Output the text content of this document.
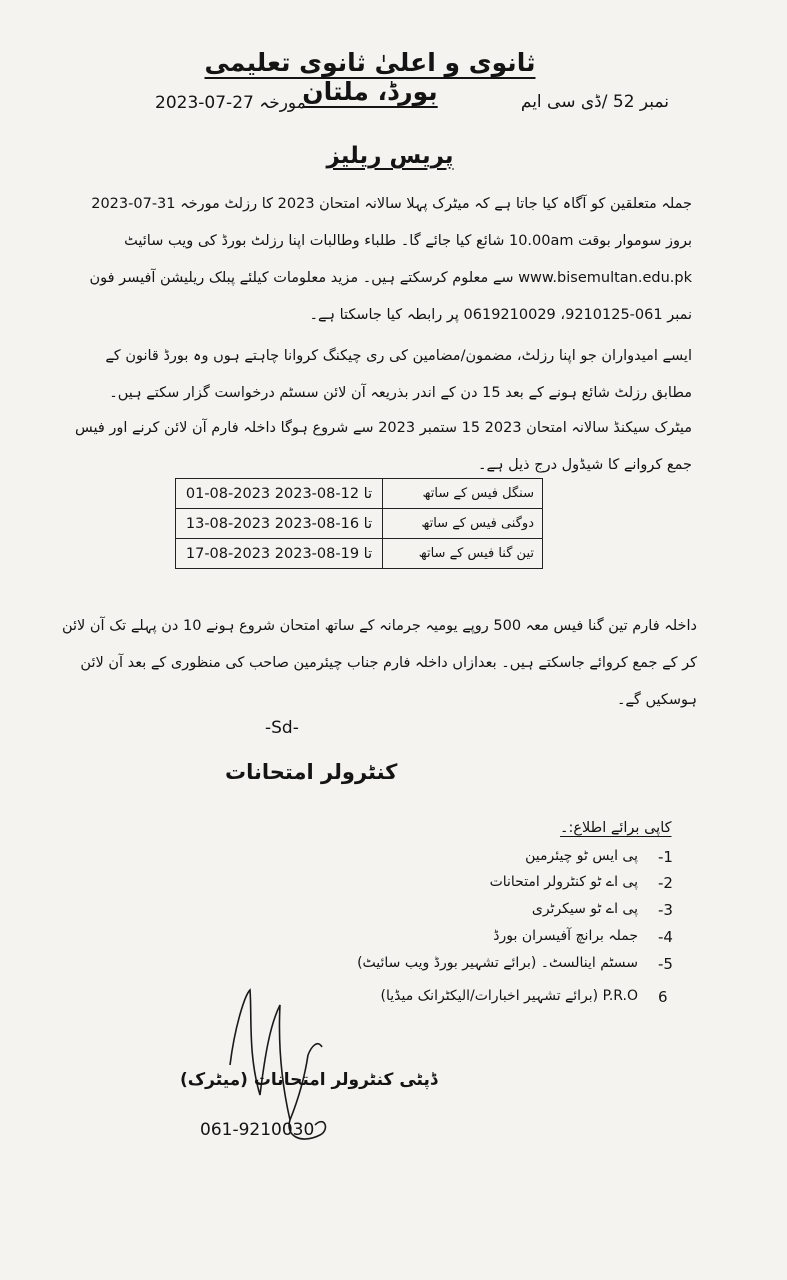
ثانوی و اعلیٰ ثانوی تعلیمی بورڈ، ملتان	نمبر 52 /ڈی سی ایم
مورخہ 27-07-2023
پریس ریلیز
جملہ متعلقین کو آگاہ کیا جاتا ہے کہ میٹرک پہلا سالانہ امتحان 2023 کا رزلٹ مورخہ 31-07-2023 بروز سوموار بوقت 10.00am شائع کیا جائے گا۔ طلباء وطالبات اپنا رزلٹ بورڈ کی ویب سائیٹ www.bisemultan.edu.pk سے معلوم کرسکتے ہیں۔ مزید معلومات کیلئے پبلک ریلیشن آفیسر فون نمبر 061-9210125، 0619210029 پر رابطہ کیا جاسکتا ہے۔
ایسے امیدواران جو اپنا رزلٹ، مضمون/مضامین کی ری چیکنگ کروانا چاہتے ہوں وہ بورڈ قانون کے مطابق رزلٹ شائع ہونے کے بعد 15 دن کے اندر بذریعہ آن لائن سسٹم درخواست گزار سکتے ہیں۔
میٹرک سیکنڈ سالانہ امتحان 2023 15 ستمبر 2023 سے شروع ہوگا داخلہ فارم آن لائن کرنے اور فیس جمع کروانے کا شیڈول درج ذیل ہے۔
01-08-2023 تا 12-08-2023	سنگل فیس کے ساتھ
13-08-2023 تا 16-08-2023	دوگنی فیس کے ساتھ
17-08-2023 تا 19-08-2023	تین گنا فیس کے ساتھ
داخلہ فارم تین گنا فیس معہ 500 روپے یومیہ جرمانہ کے ساتھ امتحان شروع ہونے 10 دن پہلے تک آن لائن کر کے جمع کروائے جاسکتے ہیں۔ بعدازاں داخلہ فارم جناب چیئرمین صاحب کی منظوری کے بعد آن لائن ہوسکیں گے۔
-Sd-
کنٹرولر امتحانات
کاپی برائے اطلاع:۔
-1
پی ایس ٹو چیئرمین
-2
پی اے ٹو کنٹرولر امتحانات
-3
پی اے ٹو سیکرٹری
-4
جملہ برانچ آفیسران بورڈ
-5
سسٹم اینالسٹ۔ (برائے تشہیر بورڈ ویب سائیٹ)
6
P.R.O (برائے تشہیر اخبارات/الیکٹرانک میڈیا)
ڈپٹی کنٹرولر امتحانات (میٹرک)
061-9210030
